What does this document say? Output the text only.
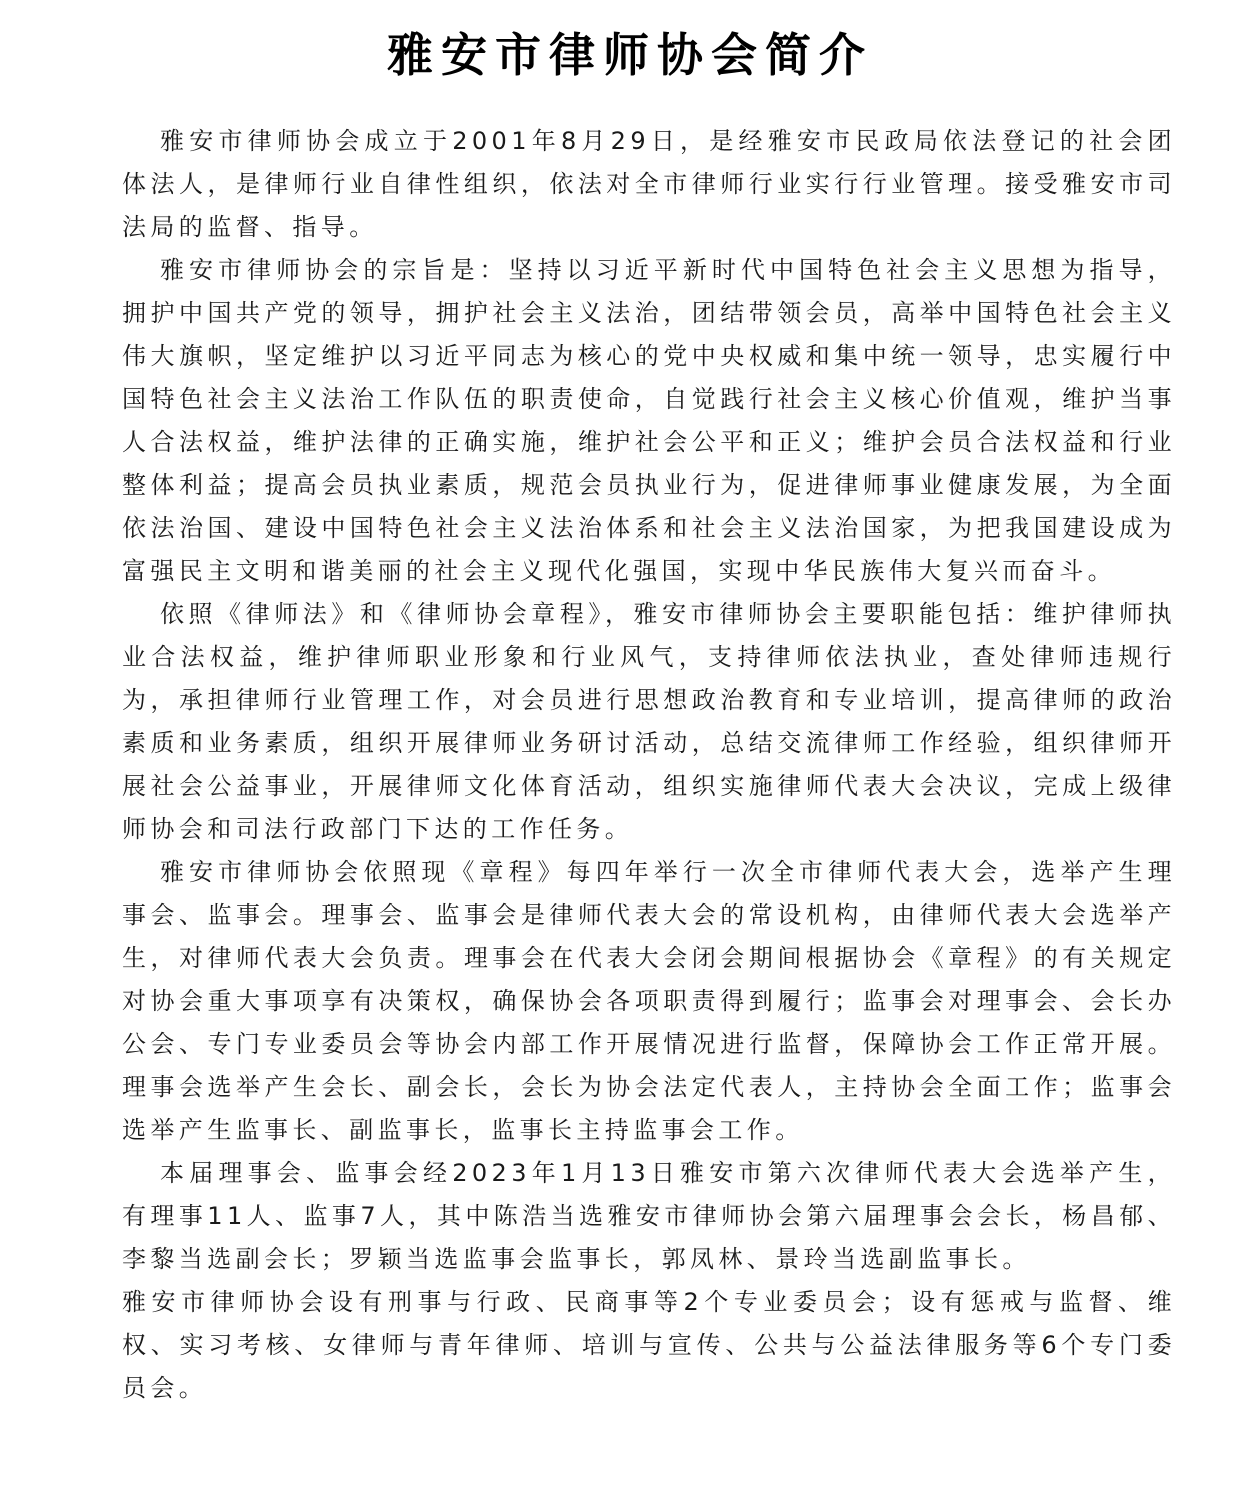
雅安市律师协会简介

雅安市律师协会成立于2001年8月29日，是经雅安市民政局依法登记的社会团体法人，是律师行业自律性组织，依法对全市律师行业实行行业管理。接受雅安市司法局的监督、指导。

雅安市律师协会的宗旨是：坚持以习近平新时代中国特色社会主义思想为指导，拥护中国共产党的领导，拥护社会主义法治，团结带领会员，高举中国特色社会主义伟大旗帜，坚定维护以习近平同志为核心的党中央权威和集中统一领导，忠实履行中国特色社会主义法治工作队伍的职责使命，自觉践行社会主义核心价值观，维护当事人合法权益，维护法律的正确实施，维护社会公平和正义；维护会员合法权益和行业整体利益；提高会员执业素质，规范会员执业行为，促进律师事业健康发展，为全面依法治国、建设中国特色社会主义法治体系和社会主义法治国家，为把我国建设成为富强民主文明和谐美丽的社会主义现代化强国，实现中华民族伟大复兴而奋斗。

依照《律师法》和《律师协会章程》，雅安市律师协会主要职能包括：维护律师执业合法权益，维护律师职业形象和行业风气，支持律师依法执业，查处律师违规行为，承担律师行业管理工作，对会员进行思想政治教育和专业培训，提高律师的政治素质和业务素质，组织开展律师业务研讨活动，总结交流律师工作经验，组织律师开展社会公益事业，开展律师文化体育活动，组织实施律师代表大会决议，完成上级律师协会和司法行政部门下达的工作任务。

雅安市律师协会依照现《章程》每四年举行一次全市律师代表大会，选举产生理事会、监事会。理事会、监事会是律师代表大会的常设机构，由律师代表大会选举产生，对律师代表大会负责。理事会在代表大会闭会期间根据协会《章程》的有关规定对协会重大事项享有决策权，确保协会各项职责得到履行；监事会对理事会、会长办公会、专门专业委员会等协会内部工作开展情况进行监督，保障协会工作正常开展。理事会选举产生会长、副会长，会长为协会法定代表人，主持协会全面工作；监事会选举产生监事长、副监事长，监事长主持监事会工作。

本届理事会、监事会经2023年1月13日雅安市第六次律师代表大会选举产生，有理事11人、监事7人，其中陈浩当选雅安市律师协会第六届理事会会长，杨昌郁、李黎当选副会长；罗颖当选监事会监事长，郭凤林、景玲当选副监事长。

雅安市律师协会设有刑事与行政、民商事等2个专业委员会；设有惩戒与监督、维权、实习考核、女律师与青年律师、培训与宣传、公共与公益法律服务等6个专门委员会。
